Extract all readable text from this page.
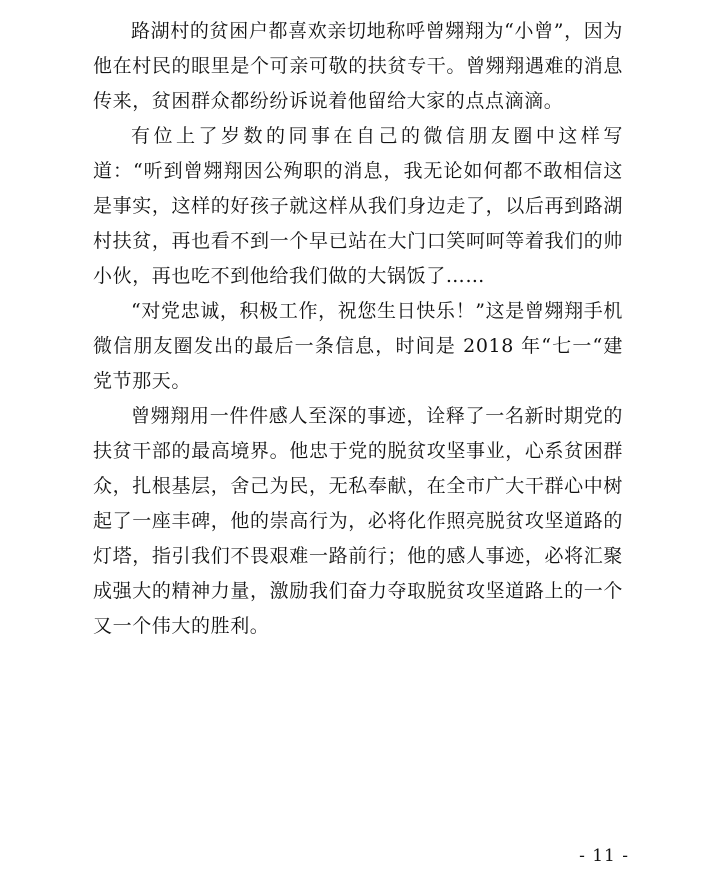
路湖村的贫困户都喜欢亲切地称呼曾翙翔为“小曾”，因为他在村民的眼里是个可亲可敬的扶贫专干。曾翙翔遇难的消息传来，贫困群众都纷纷诉说着他留给大家的点点滴滴。

有位上了岁数的同事在自己的微信朋友圈中这样写道：“听到曾翙翔因公殉职的消息，我无论如何都不敢相信这是事实，这样的好孩子就这样从我们身边走了，以后再到路湖村扶贫，再也看不到一个早已站在大门口笑呵呵等着我们的帅小伙，再也吃不到他给我们做的大锅饭了……

“对党忠诚，积极工作，祝您生日快乐！”这是曾翙翔手机微信朋友圈发出的最后一条信息，时间是 2018 年“七一“建党节那天。

曾翙翔用一件件感人至深的事迹，诠释了一名新时期党的扶贫干部的最高境界。他忠于党的脱贫攻坚事业，心系贫困群众，扎根基层，舍己为民，无私奉献，在全市广大干群心中树起了一座丰碑，他的崇高行为，必将化作照亮脱贫攻坚道路的灯塔，指引我们不畏艰难一路前行；他的感人事迹，必将汇聚成强大的精神力量，激励我们奋力夺取脱贫攻坚道路上的一个又一个伟大的胜利。

- 11 -
